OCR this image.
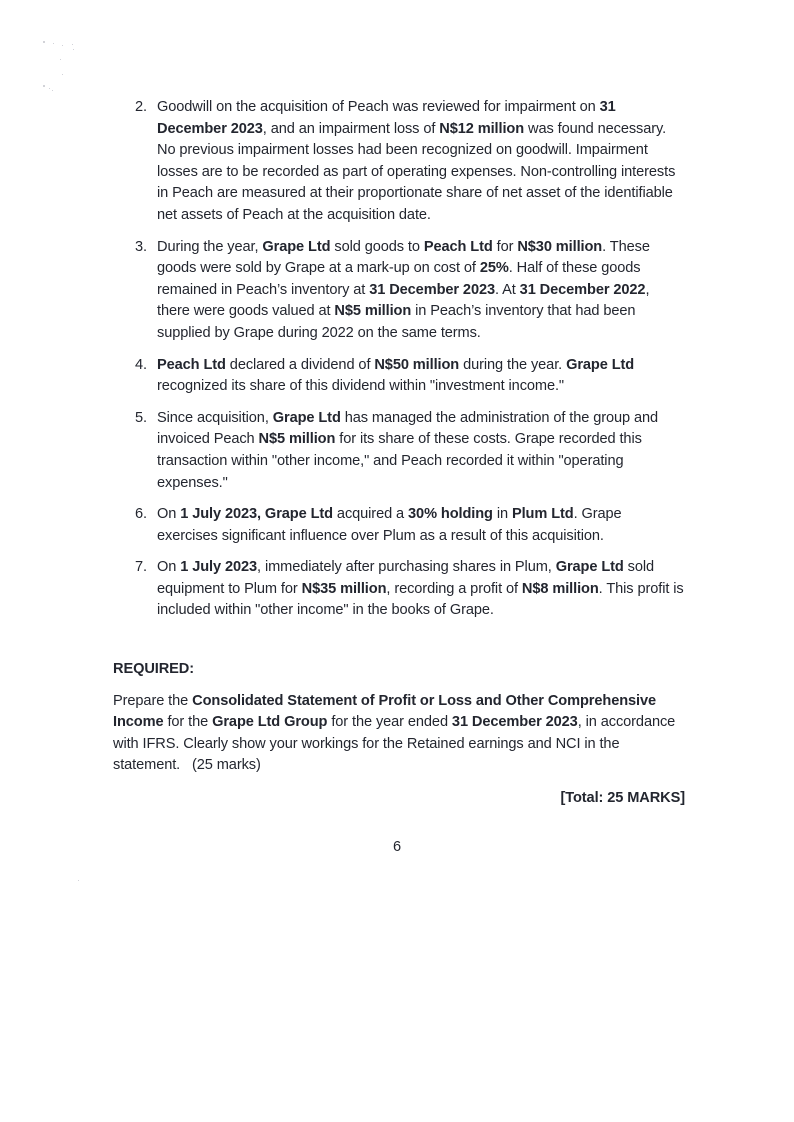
2. Goodwill on the acquisition of Peach was reviewed for impairment on 31 December 2023, and an impairment loss of N$12 million was found necessary. No previous impairment losses had been recognized on goodwill. Impairment losses are to be recorded as part of operating expenses. Non-controlling interests in Peach are measured at their proportionate share of net asset of the identifiable net assets of Peach at the acquisition date.
3. During the year, Grape Ltd sold goods to Peach Ltd for N$30 million. These goods were sold by Grape at a mark-up on cost of 25%. Half of these goods remained in Peach’s inventory at 31 December 2023. At 31 December 2022, there were goods valued at N$5 million in Peach’s inventory that had been supplied by Grape during 2022 on the same terms.
4. Peach Ltd declared a dividend of N$50 million during the year. Grape Ltd recognized its share of this dividend within "investment income."
5. Since acquisition, Grape Ltd has managed the administration of the group and invoiced Peach N$5 million for its share of these costs. Grape recorded this transaction within "other income," and Peach recorded it within "operating expenses."
6. On 1 July 2023, Grape Ltd acquired a 30% holding in Plum Ltd. Grape exercises significant influence over Plum as a result of this acquisition.
7. On 1 July 2023, immediately after purchasing shares in Plum, Grape Ltd sold equipment to Plum for N$35 million, recording a profit of N$8 million. This profit is included within "other income" in the books of Grape.
REQUIRED:

Prepare the Consolidated Statement of Profit or Loss and Other Comprehensive Income for the Grape Ltd Group for the year ended 31 December 2023, in accordance with IFRS. Clearly show your workings for the Retained earnings and NCI in the statement.   (25 marks)

[Total: 25 MARKS]
6
